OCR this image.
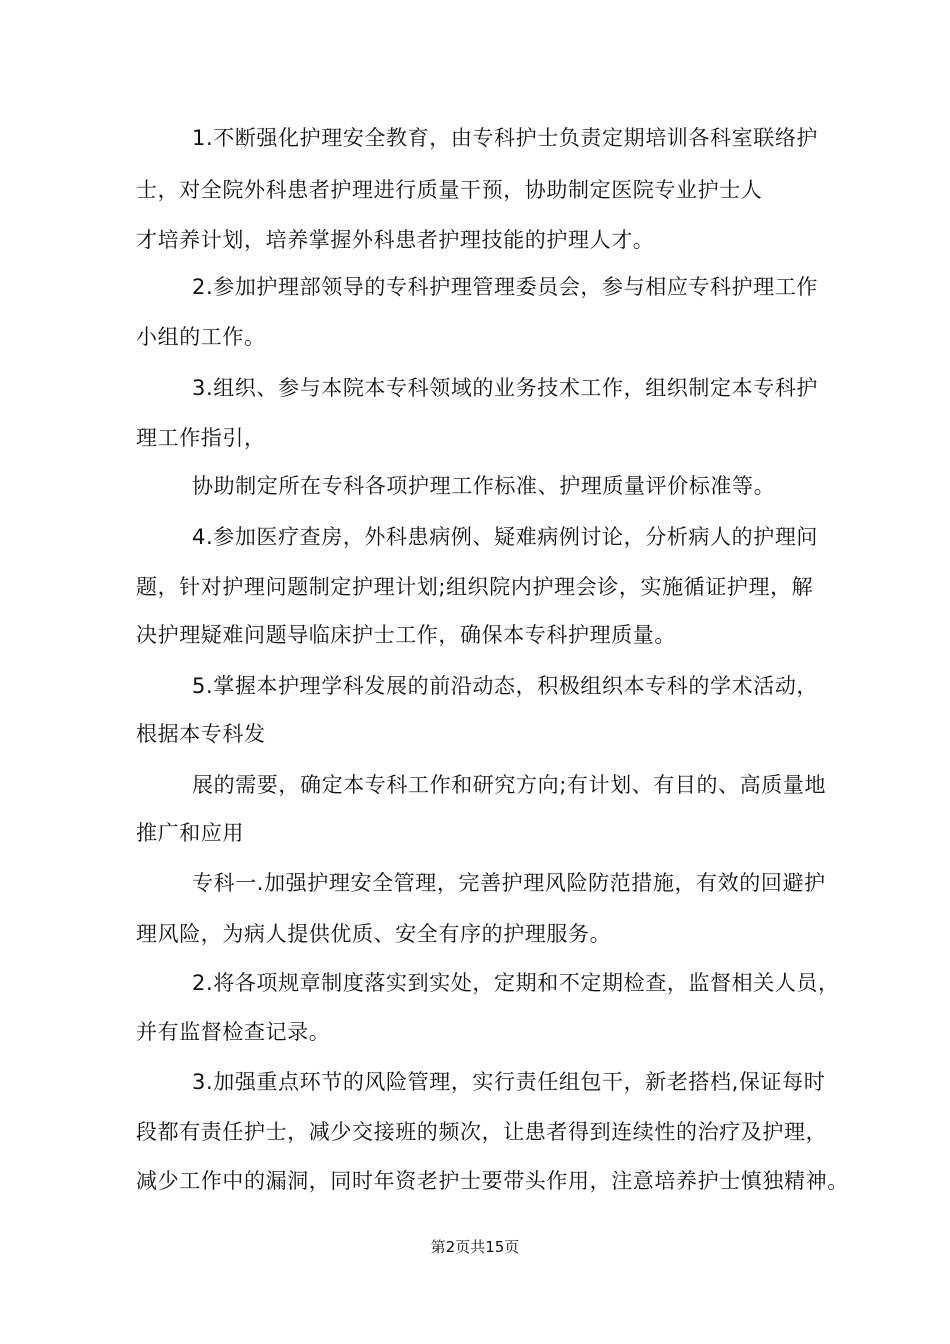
1.不断强化护理安全教育，由专科护士负责定期培训各科室联络护
士，对全院外科患者护理进行质量干预，协助制定医院专业护士人
才培养计划，培养掌握外科患者护理技能的护理人才。
2.参加护理部领导的专科护理管理委员会，参与相应专科护理工作
小组的工作。
3.组织、参与本院本专科领域的业务技术工作，组织制定本专科护
理工作指引，
协助制定所在专科各项护理工作标准、护理质量评价标准等。
4.参加医疗查房，外科患病例、疑难病例讨论，分析病人的护理问
题，针对护理问题制定护理计划;组织院内护理会诊，实施循证护理，解
决护理疑难问题导临床护士工作，确保本专科护理质量。
5.掌握本护理学科发展的前沿动态，积极组织本专科的学术活动，
根据本专科发
展的需要，确定本专科工作和研究方向;有计划、有目的、高质量地
推广和应用
专科一.加强护理安全管理，完善护理风险防范措施，有效的回避护
理风险，为病人提供优质、安全有序的护理服务。
2.将各项规章制度落实到实处，定期和不定期检查，监督相关人员，
并有监督检查记录。
3.加强重点环节的风险管理，实行责任组包干，新老搭档,保证每时
段都有责任护士，减少交接班的频次，让患者得到连续性的治疗及护理，
减少工作中的漏洞，同时年资老护士要带头作用，注意培养护士慎独精神。
第2页共15页
